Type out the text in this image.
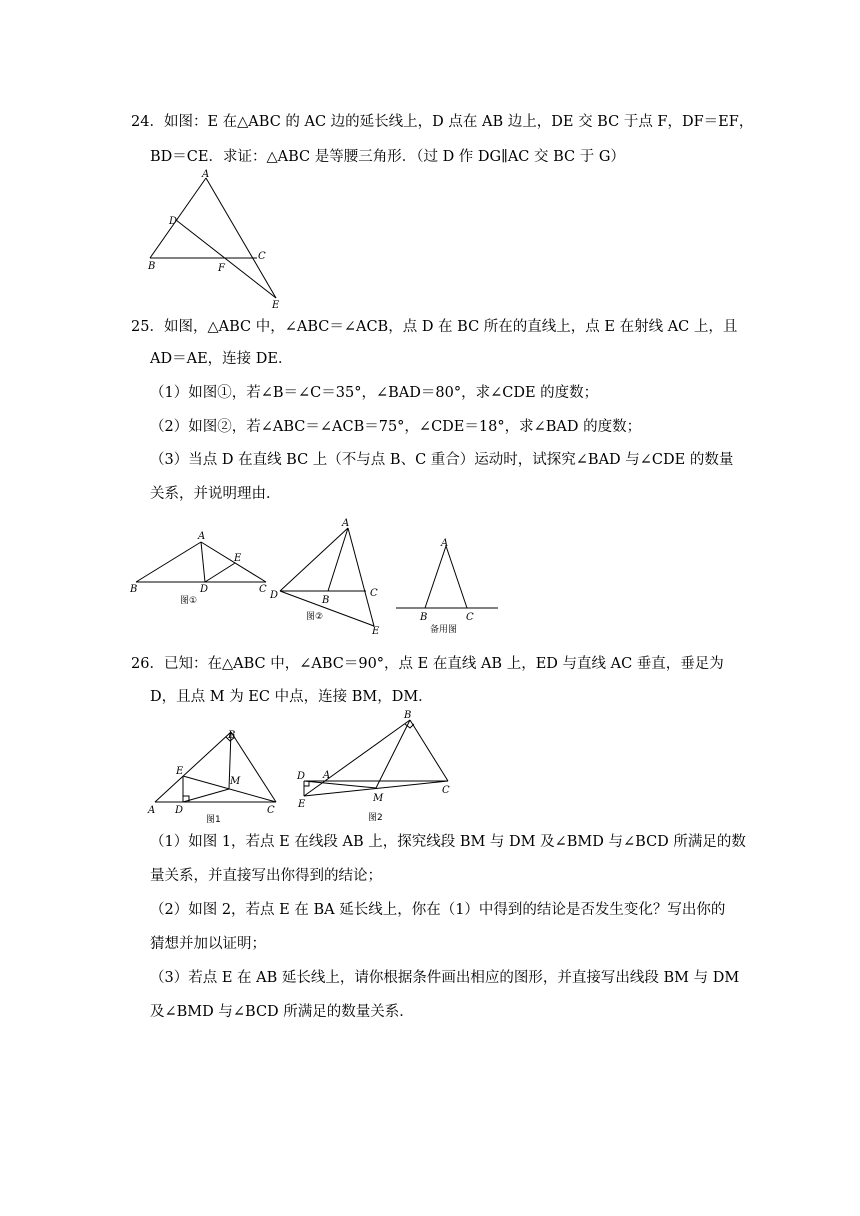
24．如图：E 在△ABC 的 AC 边的延长线上，D 点在 AB 边上，DE 交 BC 于点 F，DF＝EF，
BD＝CE．求证：△ABC 是等腰三角形．（过 D 作 DG∥AC 交 BC 于 G）
A
D
B	F
C
E
25．如图，△ABC 中，∠ABC＝∠ACB，点 D 在 BC 所在的直线上，点 E 在射线 AC 上，且
AD＝AE，连接 DE．
（1）如图①，若∠B＝∠C＝35°，∠BAD＝80°，求∠CDE 的度数；
（2）如图②，若∠ABC＝∠ACB＝75°，∠CDE＝18°，求∠BAD 的度数；
（3）当点 D 在直线 BC 上（不与点 B、C 重合）运动时，试探究∠BAD 与∠CDE 的数量
关系，并说明理由．
A
E
B	D	C
图①
A
D	B
C
E
图②
A
B	C
备用图
26．已知：在△ABC 中，∠ABC＝90°，点 E 在直线 AB 上，ED 与直线 AC 垂直，垂足为
D，且点 M 为 EC 中点，连接 BM，DM．
B
E
M
A D	C
图1
B
D A
C
E
M
图2
（1）如图 1，若点 E 在线段 AB 上，探究线段 BM 与 DM 及∠BMD 与∠BCD 所满足的数
量关系，并直接写出你得到的结论；
（2）如图 2，若点 E 在 BA 延长线上，你在（1）中得到的结论是否发生变化？写出你的
猜想并加以证明；
（3）若点 E 在 AB 延长线上，请你根据条件画出相应的图形，并直接写出线段 BM 与 DM
及∠BMD 与∠BCD 所满足的数量关系．
